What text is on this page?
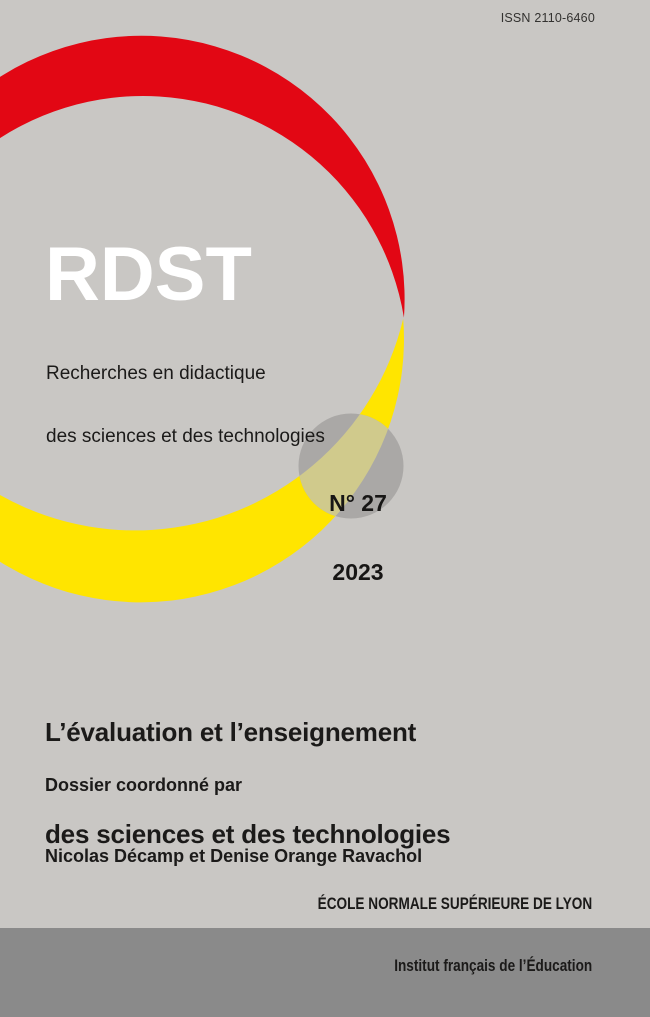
ISSN 2110-6460
RDST

Recherches en didactique

des sciences et des technologies

N° 27

2023

L’évaluation et l’enseignement

des sciences et des technologies

Dossier coordonné par

Nicolas Décamp et Denise Orange Ravachol

ÉCOLE NORMALE SUPÉRIEURE DE LYON

Institut français de l’Éducation
